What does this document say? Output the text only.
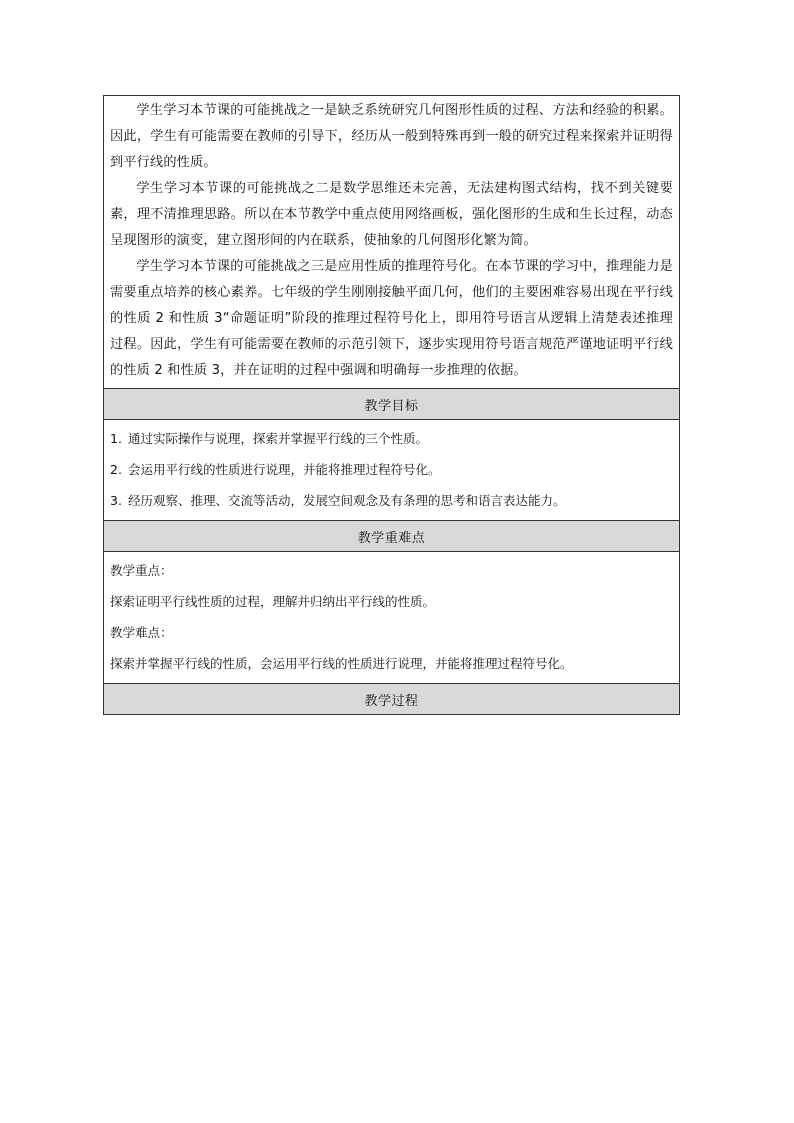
学生学习本节课的可能挑战之一是缺乏系统研究几何图形性质的过程、方法和经验的积累。因此，学生有可能需要在教师的引导下，经历从一般到特殊再到一般的研究过程来探索并证明得到平行线的性质。

学生学习本节课的可能挑战之二是数学思维还未完善，无法建构图式结构，找不到关键要素，理不清推理思路。所以在本节教学中重点使用网络画板，强化图形的生成和生长过程，动态呈现图形的演变，建立图形间的内在联系，使抽象的几何图形化繁为简。

学生学习本节课的可能挑战之三是应用性质的推理符号化。在本节课的学习中，推理能力是需要重点培养的核心素养。七年级的学生刚刚接触平面几何，他们的主要困难容易出现在平行线的性质 2 和性质 3“命题证明”阶段的推理过程符号化上，即用符号语言从逻辑上清楚表述推理过程。因此，学生有可能需要在教师的示范引领下，逐步实现用符号语言规范严谨地证明平行线的性质 2 和性质 3，并在证明的过程中强调和明确每一步推理的依据。

教学目标

1. 通过实际操作与说理，探索并掌握平行线的三个性质。

2. 会运用平行线的性质进行说理，并能将推理过程符号化。

3. 经历观察、推理、交流等活动，发展空间观念及有条理的思考和语言表达能力。

教学重难点

教学重点：

探索证明平行线性质的过程，理解并归纳出平行线的性质。

教学难点：

探索并掌握平行线的性质，会运用平行线的性质进行说理，并能将推理过程符号化。

教学过程
